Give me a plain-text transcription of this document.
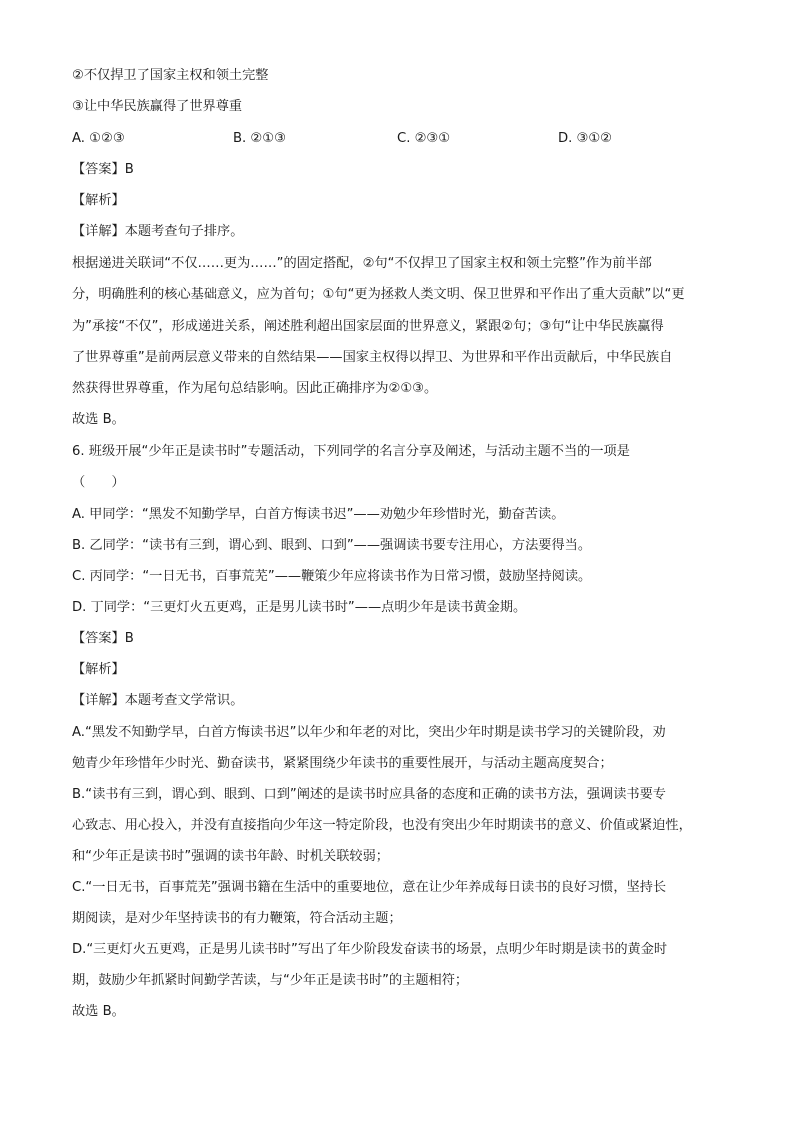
②不仅捍卫了国家主权和领土完整
③让中华民族赢得了世界尊重
A. ①②③	B. ②①③	C. ②③①	D. ③①②
【答案】B
【解析】
【详解】本题考查句子排序。
根据递进关联词“不仅……更为……”的固定搭配，②句“不仅捍卫了国家主权和领土完整”作为前半部
分，明确胜利的核心基础意义，应为首句；①句“更为拯救人类文明、保卫世界和平作出了重大贡献”以“更
为”承接“不仅”，形成递进关系，阐述胜利超出国家层面的世界意义，紧跟②句；③句“让中华民族赢得
了世界尊重”是前两层意义带来的自然结果——国家主权得以捍卫、为世界和平作出贡献后，中华民族自
然获得世界尊重，作为尾句总结影响。因此正确排序为②①③。
故选 B。
6. 班级开展“少年正是读书时”专题活动，下列同学的名言分享及阐述，与活动主题不当的一项是
（　　）
A. 甲同学：“黑发不知勤学早，白首方悔读书迟”——劝勉少年珍惜时光，勤奋苦读。
B. 乙同学：“读书有三到，谓心到、眼到、口到”——强调读书要专注用心，方法要得当。
C. 丙同学：“一日无书，百事荒芜”——鞭策少年应将读书作为日常习惯，鼓励坚持阅读。
D. 丁同学：“三更灯火五更鸡，正是男儿读书时”——点明少年是读书黄金期。
【答案】B
【解析】
【详解】本题考查文学常识。
A.“黑发不知勤学早，白首方悔读书迟”以年少和年老的对比，突出少年时期是读书学习的关键阶段，劝
勉青少年珍惜年少时光、勤奋读书，紧紧围绕少年读书的重要性展开，与活动主题高度契合；
B.“读书有三到，谓心到、眼到、口到”阐述的是读书时应具备的态度和正确的读书方法，强调读书要专
心致志、用心投入，并没有直接指向少年这一特定阶段，也没有突出少年时期读书的意义、价值或紧迫性，
和“少年正是读书时”强调的读书年龄、时机关联较弱；
C.“一日无书，百事荒芜”强调书籍在生活中的重要地位，意在让少年养成每日读书的良好习惯，坚持长
期阅读，是对少年坚持读书的有力鞭策，符合活动主题；
D.“三更灯火五更鸡，正是男儿读书时”写出了年少阶段发奋读书的场景，点明少年时期是读书的黄金时
期，鼓励少年抓紧时间勤学苦读，与“少年正是读书时”的主题相符；
故选 B。
